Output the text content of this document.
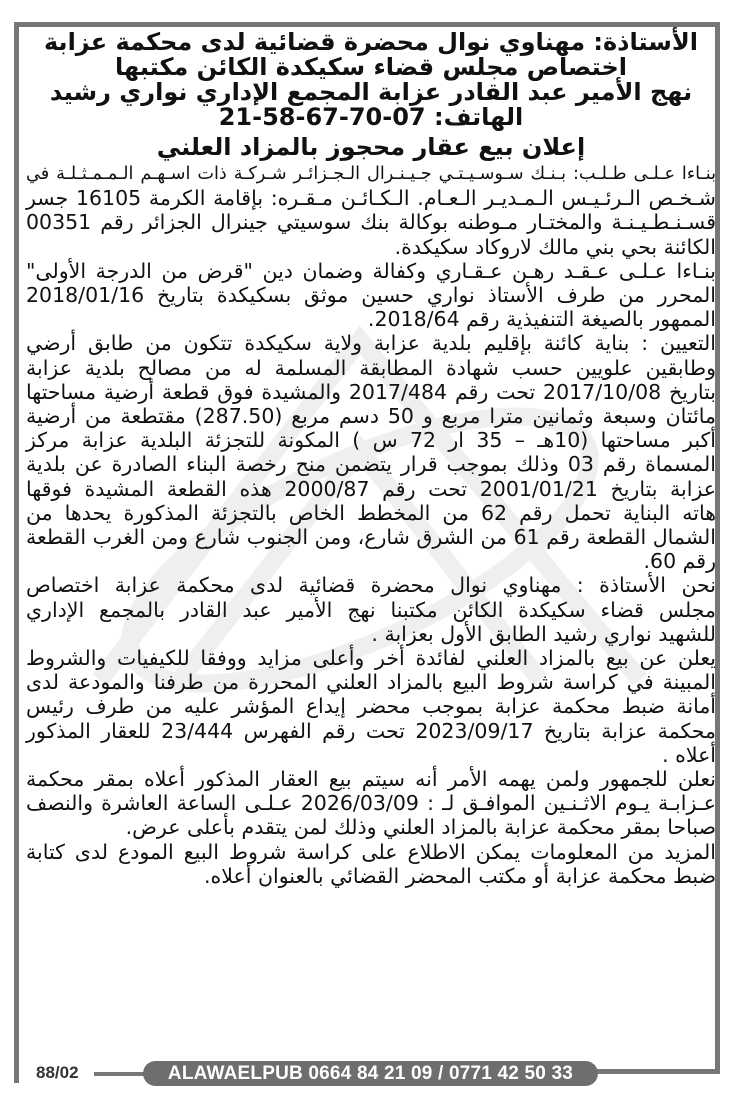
الأستاذة: مهناوي نوال محضرة قضائية لدى محكمة عزابة
اختصاص مجلس قضاء سكيكدة الكائن مكتبها
نهج الأمير عبد القادر عزابة المجمع الإداري نواري رشيد
الهاتف: 07-70-67-58-21
إعلان بيع عقار محجوز بالمزاد العلني
بنـاءا عـلـى طـلـب: بـنـك سـوسـيـتـي جـيـنـرال الـجـزائـر شـركـة ذات اسـهـم الـمـمـثـلـة في
شـخـص الـرئـيـس الـمـديـر الـعـام. الـكـائـن مـقـره: بإقامة الكرمة 16105 جسر
قسـنـطـيـنـة والمختـار مـوطنه بوكالة بنك سوسيتي جينرال الجزائر رقم 00351
الكائنة بحي بني مالك لاروكاد سكيكدة.
بنـاءا عـلـى عـقـد رهـن عـقـاري وكفالة وضمان دين "قرض من الدرجة الأولى"
المحرر من طرف الأستاذ نواري حسين موثق بسكيكدة بتاريخ 2018/01/16
الممهور بالصيغة التنفيذية رقم 2018/64.
التعيين : بناية كائنة بإقليم بلدية عزابة ولاية سكيكدة تتكون من طابق أرضي
وطابقين علويين حسب شهادة المطابقة المسلمة له من مصالح بلدية عزابة
بتاريخ 2017/10/08 تحت رقم 2017/484 والمشيدة فوق قطعة أرضية مساحتها
مائتان وسبعة وثمانين مترا مربع و 50 دسم مربع (287.50) مقتطعة من أرضية
أكبر مساحتها (10هـ – 35 ار 72 س ) المكونة للتجزئة البلدية عزابة مركز
المسماة رقم 03 وذلك بموجب قرار يتضمن منح رخصة البناء الصادرة عن بلدية
عزابة بتاريخ 2001/01/21 تحت رقم 2000/87 هذه القطعة المشيدة فوقها
هاته البناية تحمل رقم 62 من المخطط الخاص بالتجزئة المذكورة يحدها من
الشمال القطعة رقم 61 من الشرق شارع، ومن الجنوب شارع ومن الغرب القطعة
رقم 60.
نحن الأستاذة : مهناوي نوال محضرة قضائية لدى محكمة عزابة اختصاص
مجلس قضاء سكيكدة الكائن مكتبنا نهج الأمير عبد القادر بالمجمع الإداري
للشهيد نواري رشيد الطابق الأول بعزابة .
يعلن عن بيع بالمزاد العلني لفائدة أخر وأعلى مزايد ووفقا للكيفيات والشروط
المبينة في كراسة شروط البيع بالمزاد العلني المحررة من طرفنا والمودعة لدى
أمانة ضبط محكمة عزابة بموجب محضر إيداع المؤشر عليه من طرف رئيس
محكمة عزابة بتاريخ 2023/09/17 تحت رقم الفهرس 23/444 للعقار المذكور
أعلاه .
نعلن للجمهور ولمن يهمه الأمر أنه سيتم بيع العقار المذكور أعلاه بمقر محكمة
عـزابـة يـوم الاثـنـين الموافـق لـ : 2026/03/09 عـلـى الساعة العاشرة والنصف
صباحا بمقر محكمة عزابة بالمزاد العلني وذلك لمن يتقدم بأعلى عرض.
المزيد من المعلومات يمكن الاطلاع على كراسة شروط البيع المودع لدى كتابة
ضبط محكمة عزابة أو مكتب المحضر القضائي بالعنوان أعلاه.
88/02	ALAWAELPUB 0664 84 21 09 / 0771 42 50 33
